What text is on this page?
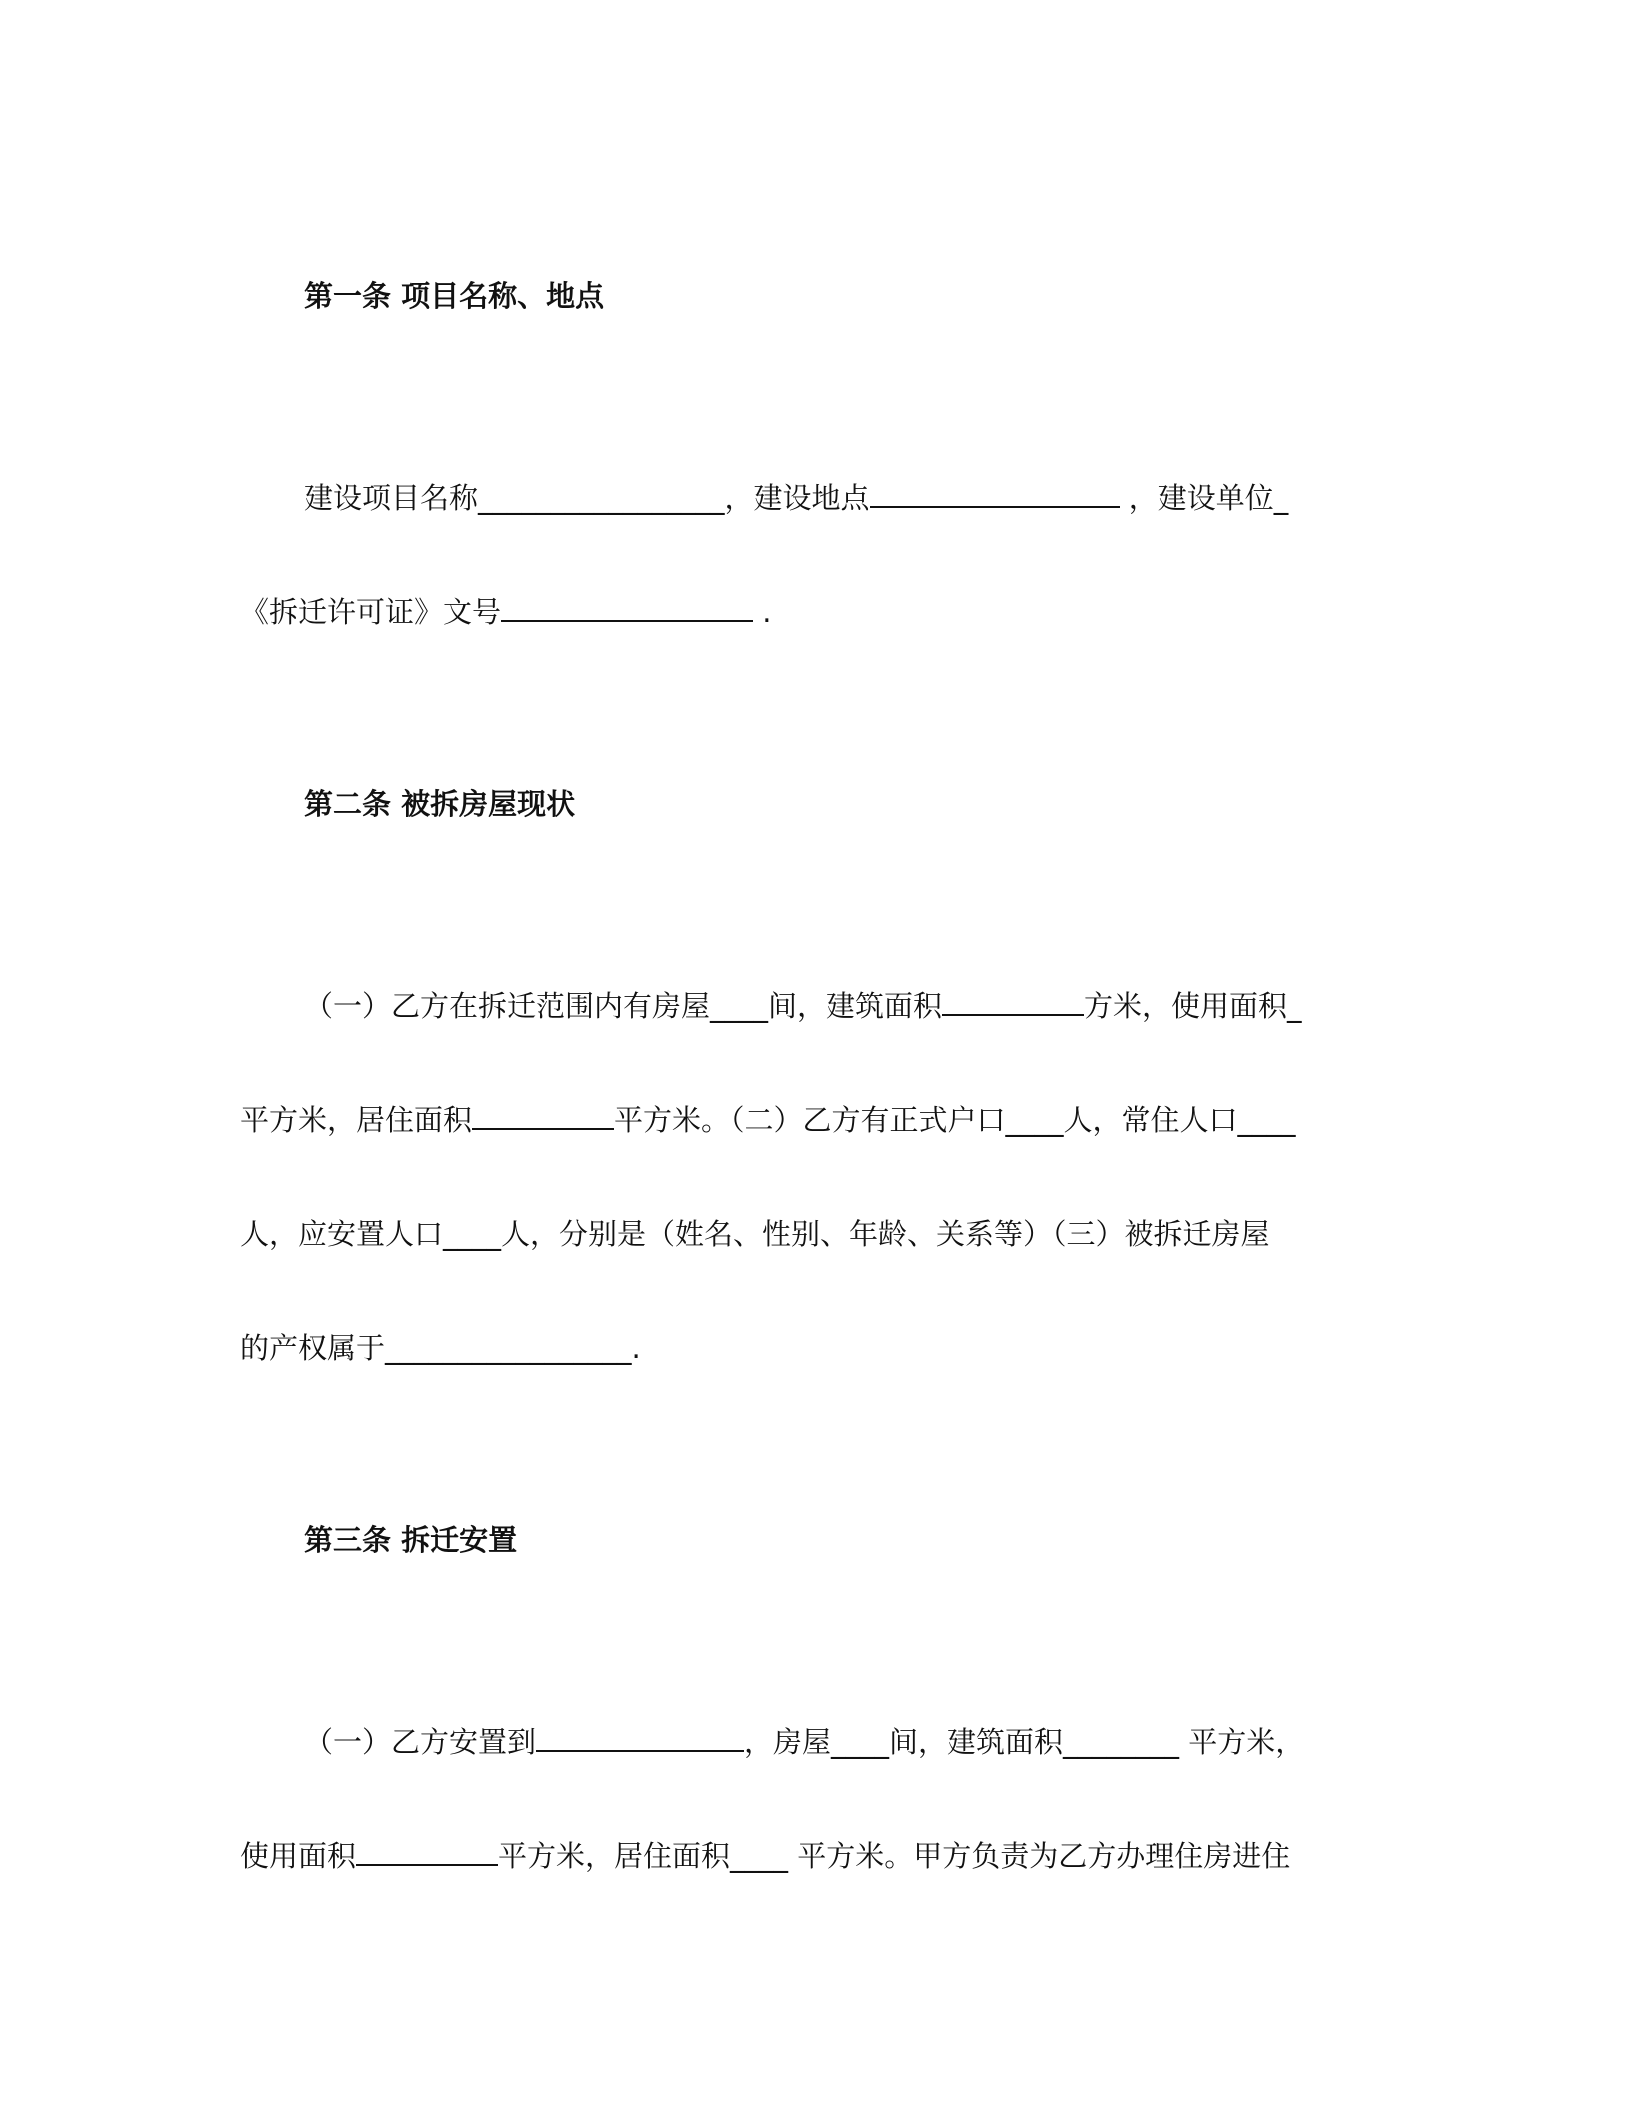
第一条 项目名称、地点
建设项目名称_________________，建设地点	，建设单位_
《拆迁许可证》文号	.
第二条 被拆房屋现状
（一）乙方在拆迁范围内有房屋____间，建筑面积	方米，使用面积_
平方米，居住面积	平方米。（二）乙方有正式户口____人，常住人口____
人，应安置人口____人，分别是（姓名、性别、年龄、关系等）（三）被拆迁房屋
的产权属于_________________.
第三条 拆迁安置
（一）乙方安置到	，房屋____间，建筑面积________ 平方米，
使用面积	平方米，居住面积____ 平方米。甲方负责为乙方办理住房进住
